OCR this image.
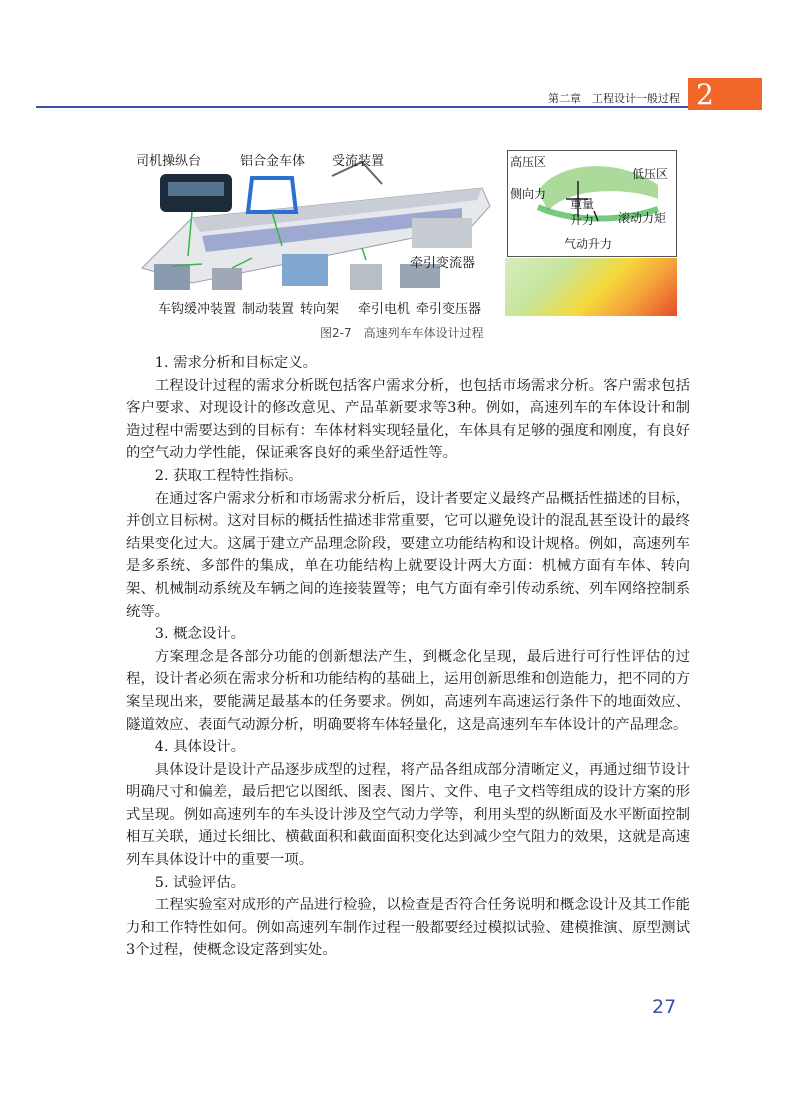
第二章　工程设计一般过程 2
司机操纵台	铝合金车体 受流装置
牵引变流器
车钩缓冲装置 制动装置 转向架 牵引电机 牵引变压器
高压区
低压区
侧向力
重量
升力 滚动力矩
气动升力
图2-7　高速列车车体设计过程

1. 需求分析和目标定义。

工程设计过程的需求分析既包括客户需求分析，也包括市场需求分析。客户需求包括客户要求、对现设计的修改意见、产品革新要求等3种。例如，高速列车的车体设计和制造过程中需要达到的目标有：车体材料实现轻量化，车体具有足够的强度和刚度，有良好的空气动力学性能，保证乘客良好的乘坐舒适性等。

2. 获取工程特性指标。

在通过客户需求分析和市场需求分析后，设计者要定义最终产品概括性描述的目标，并创立目标树。这对目标的概括性描述非常重要，它可以避免设计的混乱甚至设计的最终结果变化过大。这属于建立产品理念阶段，要建立功能结构和设计规格。例如，高速列车是多系统、多部件的集成，单在功能结构上就要设计两大方面：机械方面有车体、转向架、机械制动系统及车辆之间的连接装置等；电气方面有牵引传动系统、列车网络控制系统等。

3. 概念设计。

方案理念是各部分功能的创新想法产生，到概念化呈现，最后进行可行性评估的过程，设计者必须在需求分析和功能结构的基础上，运用创新思维和创造能力，把不同的方案呈现出来，要能满足最基本的任务要求。例如，高速列车高速运行条件下的地面效应、隧道效应、表面气动源分析，明确要将车体轻量化，这是高速列车车体设计的产品理念。

4. 具体设计。

具体设计是设计产品逐步成型的过程，将产品各组成部分清晰定义，再通过细节设计明确尺寸和偏差，最后把它以图纸、图表、图片、文件、电子文档等组成的设计方案的形式呈现。例如高速列车的车头设计涉及空气动力学等，利用头型的纵断面及水平断面控制相互关联，通过长细比、横截面积和截面面积变化达到减少空气阻力的效果，这就是高速列车具体设计中的重要一项。

5. 试验评估。

工程实验室对成形的产品进行检验，以检查是否符合任务说明和概念设计及其工作能力和工作特性如何。例如高速列车制作过程一般都要经过模拟试验、建模推演、原型测试3个过程，使概念设定落到实处。

27
